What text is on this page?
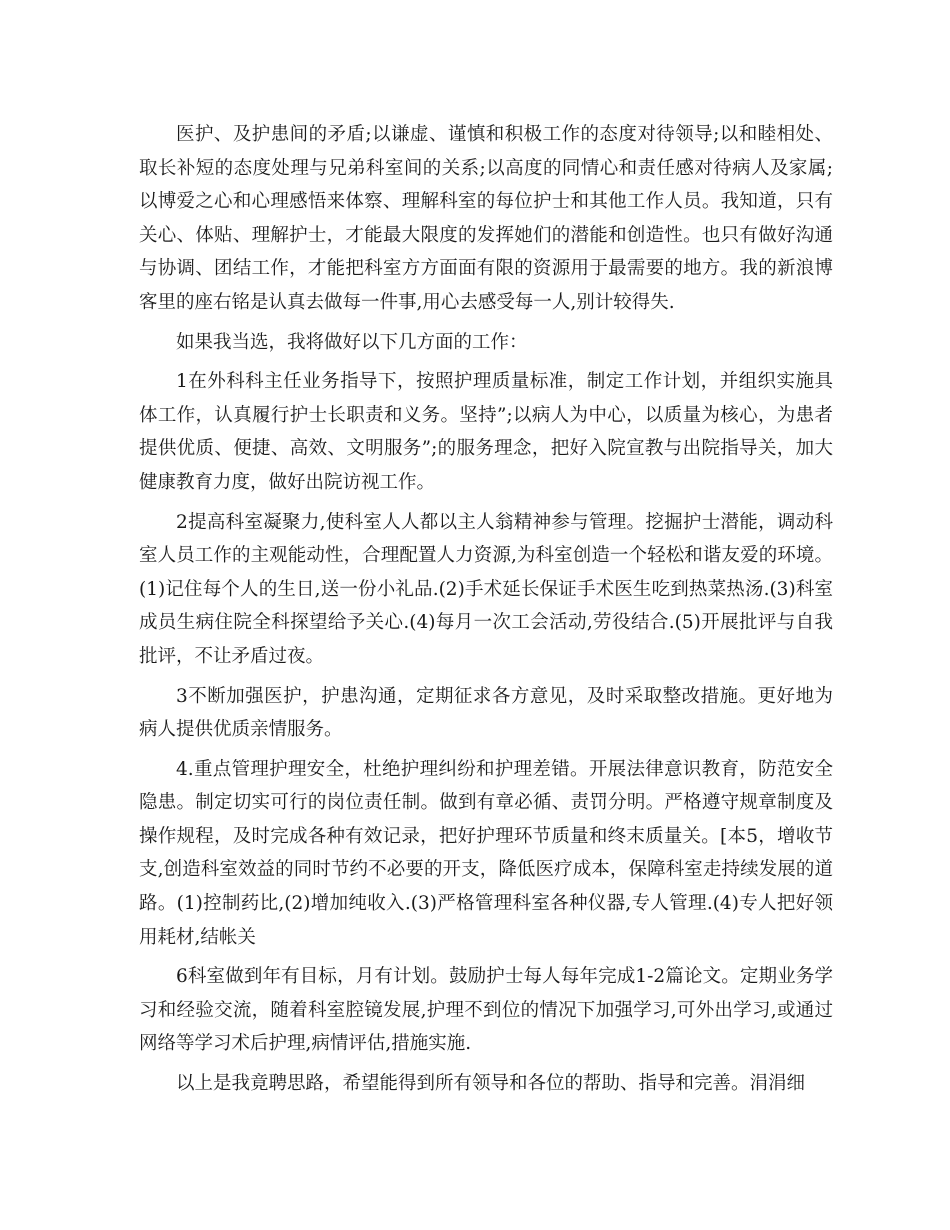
医护、及护患间的矛盾;以谦虚、谨慎和积极工作的态度对待领导;以和睦相处、取长补短的态度处理与兄弟科室间的关系;以高度的同情心和责任感对待病人及家属;以博爱之心和心理感悟来体察、理解科室的每位护士和其他工作人员。我知道，只有关心、体贴、理解护士，才能最大限度的发挥她们的潜能和创造性。也只有做好沟通与协调、团结工作，才能把科室方方面面有限的资源用于最需要的地方。我的新浪博客里的座右铭是认真去做每一件事,用心去感受每一人,别计较得失.

如果我当选，我将做好以下几方面的工作：

1在外科科主任业务指导下，按照护理质量标准，制定工作计划，并组织实施具体工作，认真履行护士长职责和义务。坚持”;以病人为中心，以质量为核心，为患者提供优质、便捷、高效、文明服务”;的服务理念，把好入院宣教与出院指导关，加大健康教育力度，做好出院访视工作。

2提高科室凝聚力,使科室人人都以主人翁精神参与管理。挖掘护士潜能，调动科室人员工作的主观能动性，合理配置人力资源,为科室创造一个轻松和谐友爱的环境。(1)记住每个人的生日,送一份小礼品.(2)手术延长保证手术医生吃到热菜热汤.(3)科室成员生病住院全科探望给予关心.(4)每月一次工会活动,劳役结合.(5)开展批评与自我批评，不让矛盾过夜。

3不断加强医护，护患沟通，定期征求各方意见，及时采取整改措施。更好地为病人提供优质亲情服务。

4.重点管理护理安全，杜绝护理纠纷和护理差错。开展法律意识教育，防范安全隐患。制定切实可行的岗位责任制。做到有章必循、责罚分明。严格遵守规章制度及操作规程，及时完成各种有效记录，把好护理环节质量和终末质量关。[本5，增收节支,创造科室效益的同时节约不必要的开支，降低医疗成本，保障科室走持续发展的道路。(1)控制药比,(2)增加纯收入.(3)严格管理科室各种仪器,专人管理.(4)专人把好领用耗材,结帐关

6科室做到年有目标，月有计划。鼓励护士每人每年完成1-2篇论文。定期业务学习和经验交流，随着科室腔镜发展,护理不到位的情况下加强学习,可外出学习,或通过网络等学习术后护理,病情评估,措施实施.

以上是我竟聘思路，希望能得到所有领导和各位的帮助、指导和完善。涓涓细
